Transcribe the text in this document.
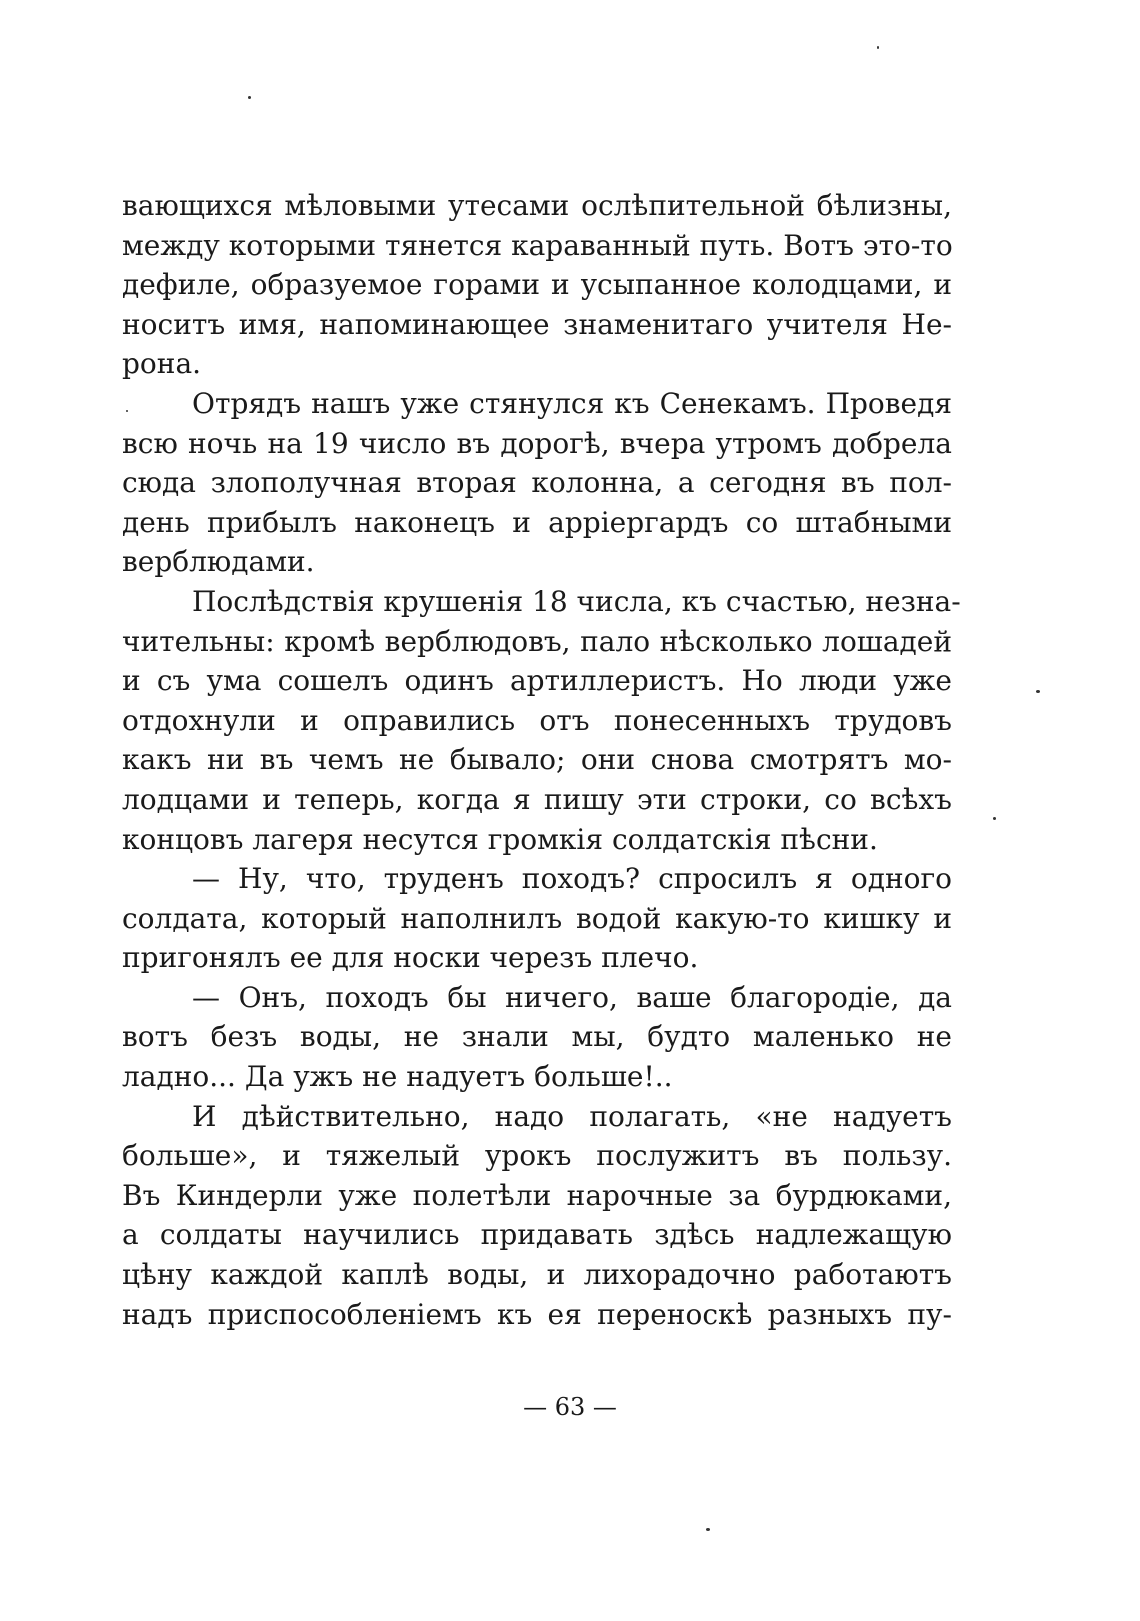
вающихся мѣловыми утесами ослѣпительной бѣлизны,
между которыми тянется караванный путь. Вотъ это-то
дефиле, образуемое горами и усыпанное колодцами, и
носитъ имя, напоминающее знаменитаго учителя Не-
рона.
Отрядъ нашъ уже стянулся къ Сенекамъ. Проведя
всю ночь на 19 число въ дорогѣ, вчера утромъ добрела
сюда злополучная вторая колонна, а сегодня въ пол-
день прибылъ наконецъ и арріергардъ со штабными
верблюдами.
Послѣдствія крушенія 18 числа, къ счастью, незна-
чительны: кромѣ верблюдовъ, пало нѣсколько лошадей
и съ ума сошелъ одинъ артиллеристъ. Но люди уже
отдохнули и оправились отъ понесенныхъ трудовъ
какъ ни въ чемъ не бывало; они снова смотрятъ мо-
лодцами и теперь, когда я пишу эти строки, со всѣхъ
концовъ лагеря несутся громкія солдатскія пѣсни.
— Ну, что, труденъ походъ? спросилъ я одного
солдата, который наполнилъ водой какую-то кишку и
пригонялъ ее для носки черезъ плечо.
— Онъ, походъ бы ничего, ваше благородіе, да
вотъ безъ воды, не знали мы, будто маленько не
ладно... Да ужъ не надуетъ больше!..
И дѣйствительно, надо полагать, «не надуетъ
больше», и тяжелый урокъ послужитъ въ пользу.
Въ Киндерли уже полетѣли нарочные за бурдюками,
а солдаты научились придавать здѣсь надлежащую
цѣну каждой каплѣ воды, и лихорадочно работаютъ
надъ приспособленіемъ къ ея переноскѣ разныхъ пу-
— 63 —
